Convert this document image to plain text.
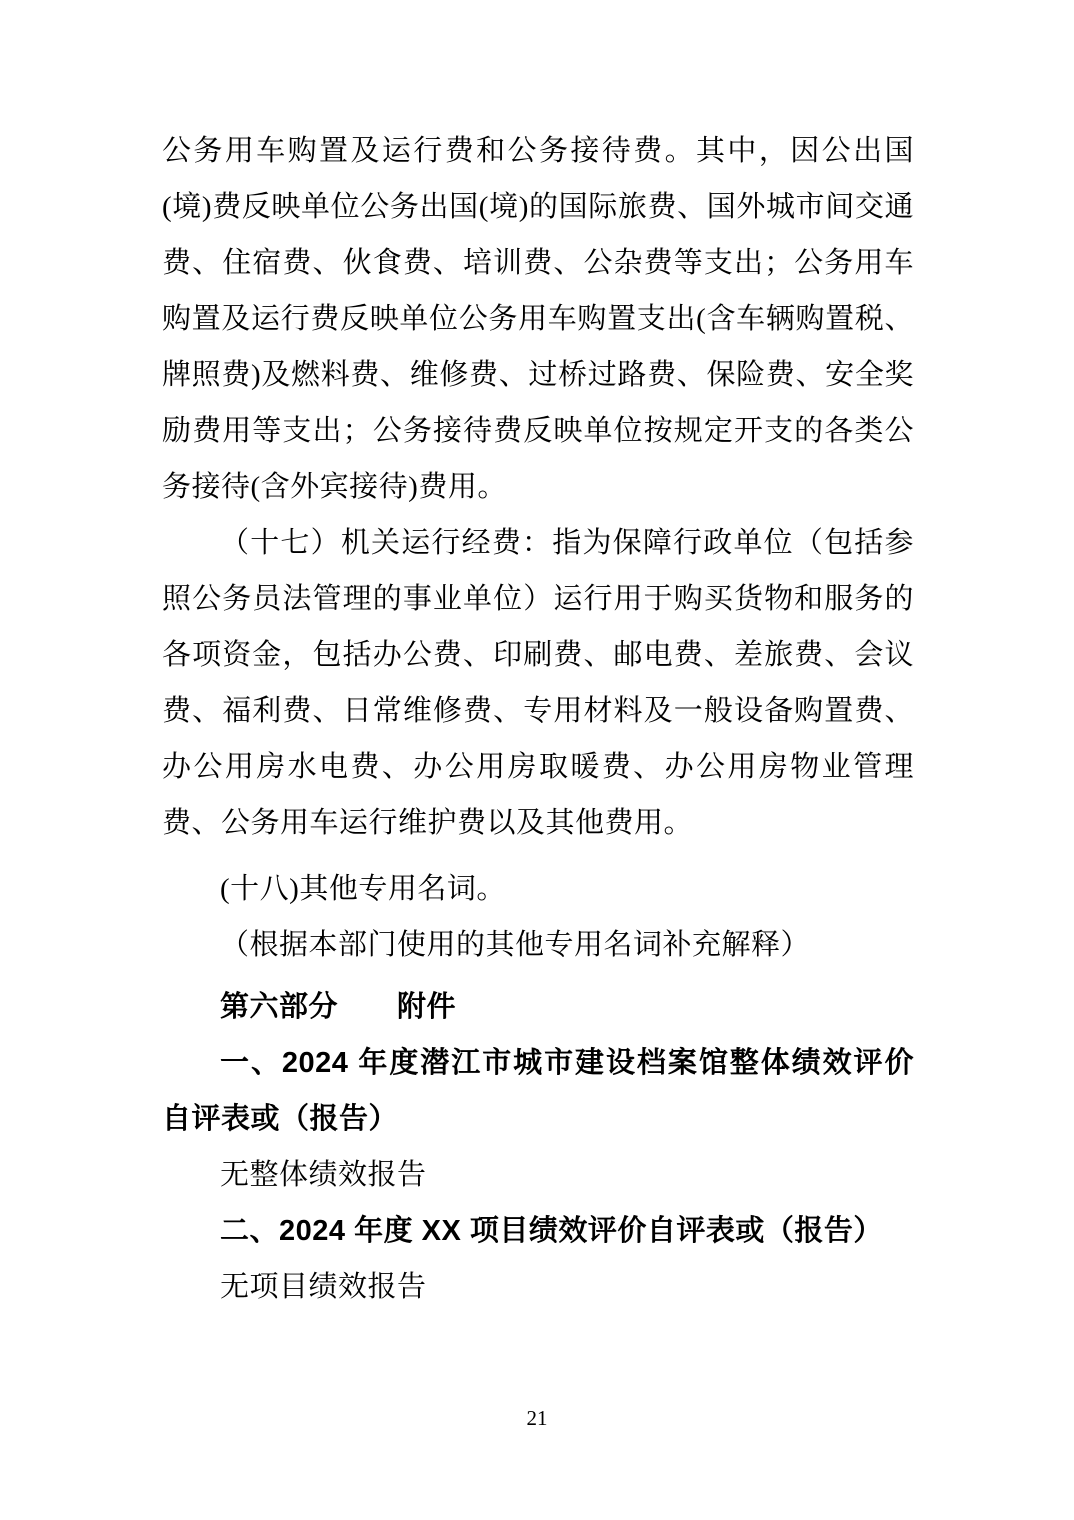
公务用车购置及运行费和公务接待费。其中，因公出国(境)费反映单位公务出国(境)的国际旅费、国外城市间交通费、住宿费、伙食费、培训费、公杂费等支出；公务用车购置及运行费反映单位公务用车购置支出(含车辆购置税、牌照费)及燃料费、维修费、过桥过路费、保险费、安全奖励费用等支出；公务接待费反映单位按规定开支的各类公务接待(含外宾接待)费用。

（十七）机关运行经费：指为保障行政单位（包括参照公务员法管理的事业单位）运行用于购买货物和服务的各项资金，包括办公费、印刷费、邮电费、差旅费、会议费、福利费、日常维修费、专用材料及一般设备购置费、办公用房水电费、办公用房取暖费、办公用房物业管理费、公务用车运行维护费以及其他费用。

(十八)其他专用名词。

（根据本部门使用的其他专用名词补充解释）

第六部分　　附件

一、2024 年度潜江市城市建设档案馆整体绩效评价自评表或（报告）

无整体绩效报告

二、2024 年度 XX 项目绩效评价自评表或（报告）

无项目绩效报告

21
